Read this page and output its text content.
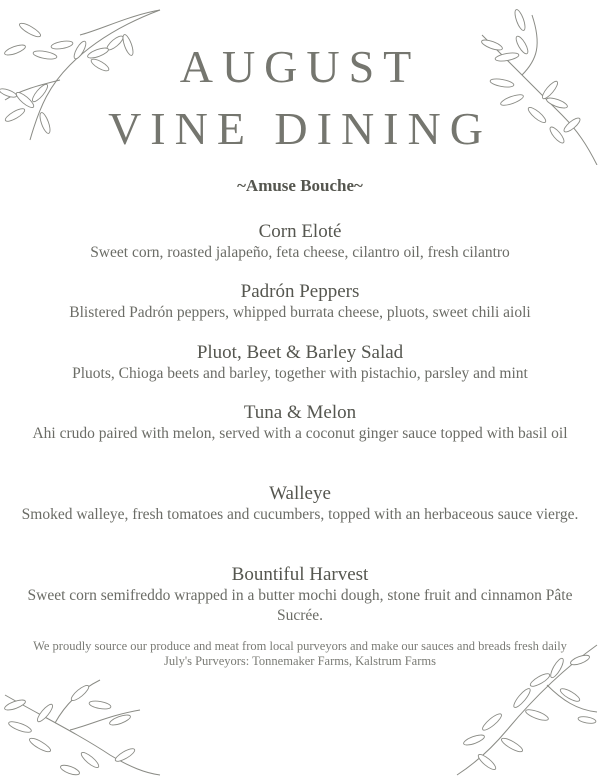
AUGUST
VINE DINING
~Amuse Bouche~

Corn Eloté

Sweet corn, roasted jalapeño, feta cheese, cilantro oil, fresh cilantro

Padrón Peppers

Blistered Padrón peppers, whipped burrata cheese, pluots, sweet chili aioli

Pluot, Beet & Barley Salad

Pluots, Chioga beets and barley, together with pistachio, parsley and mint

Tuna & Melon

Ahi crudo paired with melon, served with a coconut ginger sauce topped with basil oil

Walleye

Smoked walleye, fresh tomatoes and cucumbers, topped with an herbaceous sauce vierge.

Bountiful Harvest

Sweet corn semifreddo wrapped in a butter mochi dough, stone fruit and cinnamon Pâte Sucrée.

We proudly source our produce and meat from local purveyors and make our sauces and breads fresh daily

July's Purveyors: Tonnemaker Farms, Kalstrum Farms
